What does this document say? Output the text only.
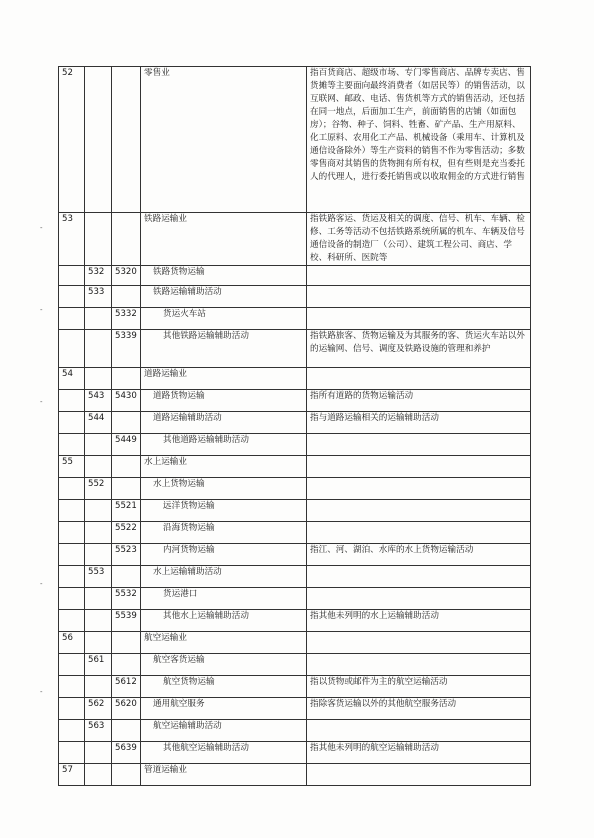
-
-
-
-
-
52			零售业	指百货商店、超级市场、专门零售商店、品牌专卖店、售货摊等主要面向最终消费者（如居民等）的销售活动，以互联网、邮政、电话、售货机等方式的销售活动，还包括在同一地点，后面加工生产，前面销售的店铺（如面包房）；谷物、种子、饲料、牲畜、矿产品、生产用原料、化工原料、农用化工产品、机械设备（乘用车、计算机及通信设备除外）等生产资料的销售不作为零售活动；多数零售商对其销售的货物拥有所有权，但有些则是充当委托人的代理人，进行委托销售或以收取佣金的方式进行销售
53			铁路运输业	指铁路客运、货运及相关的调度、信号、机车、车辆、检修、工务等活动不包括铁路系统所属的机车、车辆及信号通信设备的制造厂（公司）、建筑工程公司、商店、学校、科研所、医院等
	532	5320	铁路货物运输	
	533		铁路运输辅助活动	
		5332	货运火车站	
		5339	其他铁路运输辅助活动	指铁路旅客、货物运输及为其服务的客、货运火车站以外的运输网、信号、调度及铁路设施的管理和养护
54			道路运输业	
	543	5430	道路货物运输	指所有道路的货物运输活动
	544		道路运输辅助活动	指与道路运输相关的运输辅助活动
		5449	其他道路运输辅助活动	
55			水上运输业	
	552		水上货物运输	
		5521	远洋货物运输	
		5522	沿海货物运输	
		5523	内河货物运输	指江、河、湖泊、水库的水上货物运输活动
	553		水上运输辅助活动	
		5532	货运港口	
		5539	其他水上运输辅助活动	指其他未列明的水上运输辅助活动
56			航空运输业	
	561		航空客货运输	
		5612	航空货物运输	指以货物或邮件为主的航空运输活动
	562	5620	通用航空服务	指除客货运输以外的其他航空服务活动
	563		航空运输辅助活动	
		5639	其他航空运输辅助活动	指其他未列明的航空运输辅助活动
57			管道运输业	
